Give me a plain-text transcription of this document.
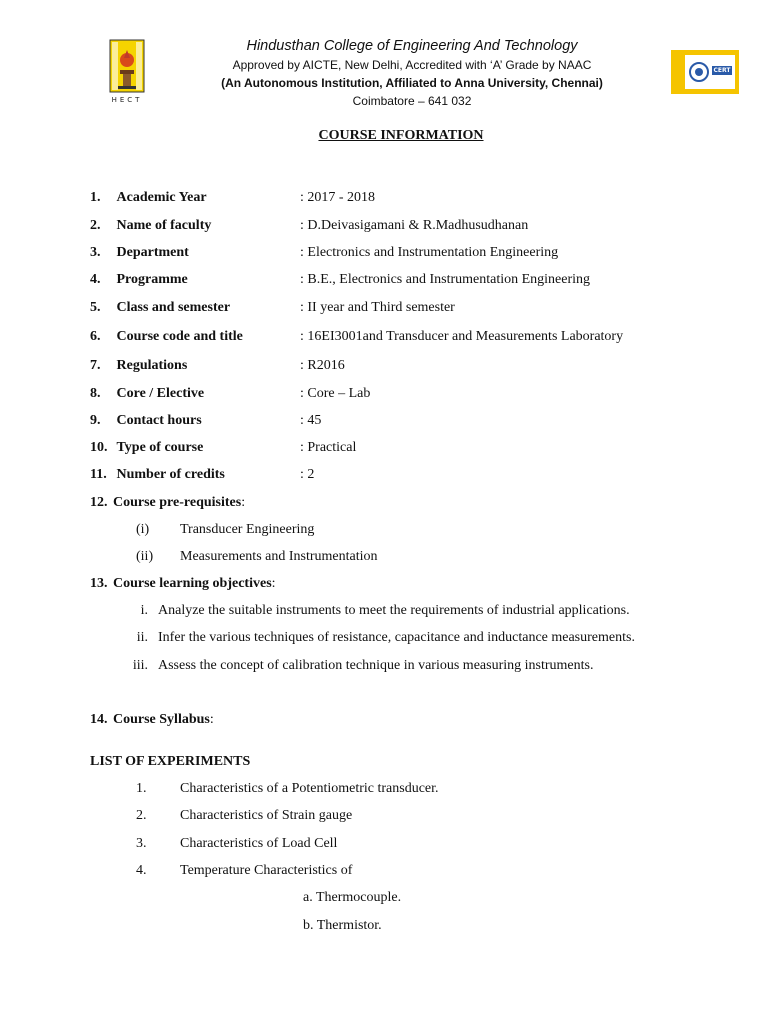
HECT
Hindusthan College of Engineering And Technology
Approved by AICTE, New Delhi, Accredited with ‘A’ Grade by NAAC
(An Autonomous Institution, Affiliated to Anna University, Chennai)
Coimbatore – 641 032
CERT
COURSE INFORMATION
1. Academic Year	: 2017 - 2018
2. Name of faculty	: D.Deivasigamani & R.Madhusudhanan
3. Department	: Electronics and Instrumentation Engineering
4. Programme	: B.E., Electronics and Instrumentation Engineering
5. Class and semester	: II year and Third semester
6. Course code and title	: 16EI3001and Transducer and Measurements Laboratory
7. Regulations	: R2016
8. Core / Elective	: Core – Lab
9. Contact hours	: 45
10. Type of course	: Practical
11. Number of credits	: 2
12. Course pre-requisites:
(i) Transducer Engineering
(ii) Measurements and Instrumentation
13. Course learning objectives:
i. Analyze the suitable instruments to meet the requirements of industrial applications.
ii. Infer the various techniques of resistance, capacitance and inductance measurements.
iii. Assess the concept of calibration technique in various measuring instruments.
14. Course Syllabus:
LIST OF EXPERIMENTS
1. Characteristics of a Potentiometric transducer.
2. Characteristics of Strain gauge
3. Characteristics of Load Cell
4. Temperature Characteristics of
a. Thermocouple.
b. Thermistor.
